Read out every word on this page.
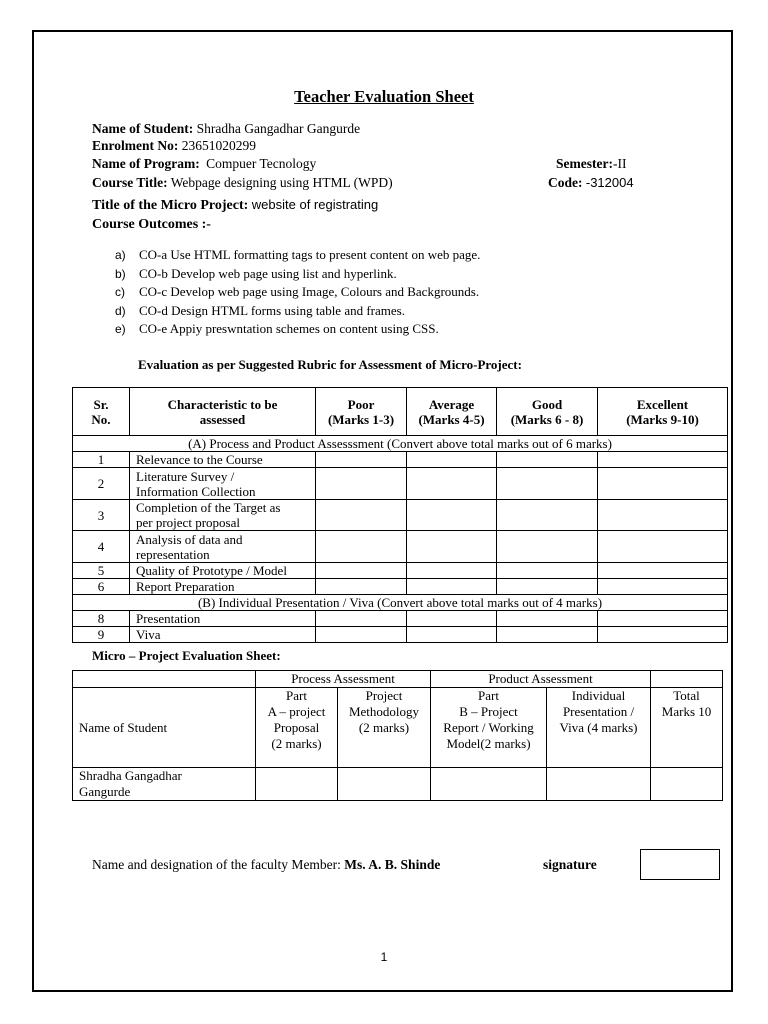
Teacher Evaluation Sheet
Name of Student: Shradha Gangadhar Gangurde
Enrolment No: 23651020299
Name of Program: Compuer Tecnology	Semester:-II
Course Title: Webpage designing using HTML (WPD)	Code: -312004
Title of the Micro Project: website of registrating
Course Outcomes :-
a) CO-a Use HTML formatting tags to present content on web page.
b) CO-b Develop web page using list and hyperlink.
c) CO-c Develop web page using Image, Colours and Backgrounds.
d) CO-d Design HTML forms using table and frames.
e) CO-e Appiy preswntation schemes on content using CSS.
Evaluation as per Suggested Rubric for Assessment of Micro-Project:
Sr.
No.	Characteristic to be
assessed	Poor
(Marks 1-3)	Average
(Marks 4-5)	Good
(Marks 6 - 8)	Excellent
(Marks 9-10)
(A) Process and Product Assesssment (Convert above total marks out of 6 marks)					
1	Relevance to the Course				
2	Literature Survey /
Information Collection				
3	Completion of the Target as
per project proposal				
4	Analysis of data and
representation				
5	Quality of Prototype / Model				
6	Report Preparation				
(B) Individual Presentation / Viva (Convert above total marks out of 4 marks)					
8	Presentation				
9	Viva				
Micro – Project Evaluation Sheet:
	Process Assessment		Product Assessment		
Name of Student	Part
A – project
Proposal
(2 marks)	Project
Methodology
(2 marks)	Part
B – Project
Report / Working
Model(2 marks)	Individual
Presentation /
Viva (4 marks)	Total
Marks 10
Shradha Gangadhar
Gangurde					
Name and designation of the faculty Member: Ms. A. B. Shinde	signature
1
